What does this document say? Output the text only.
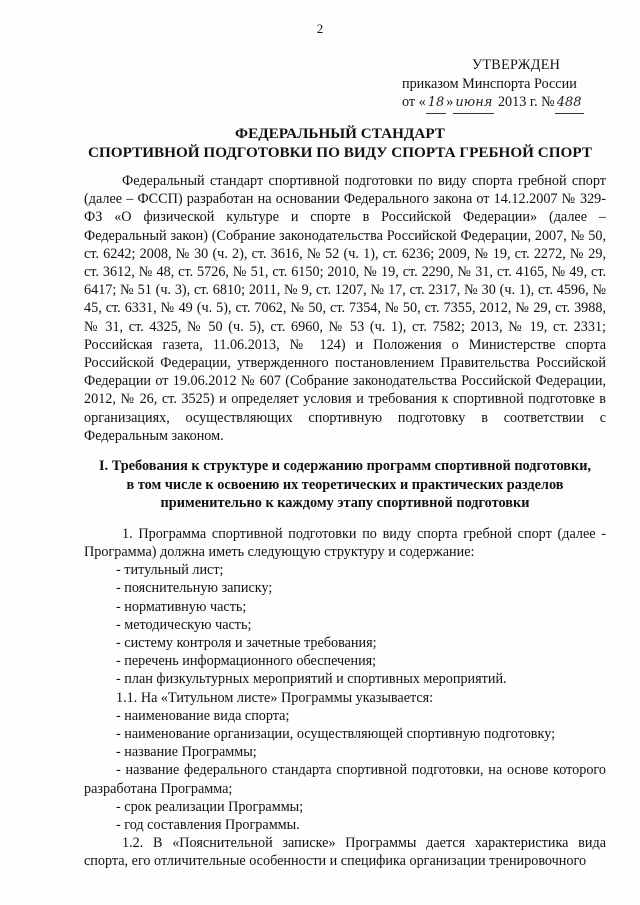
2
УТВЕРЖДЕН
приказом Минспорта России
от « 18 » июня 2013 г. № 488
ФЕДЕРАЛЬНЫЙ СТАНДАРТ
СПОРТИВНОЙ ПОДГОТОВКИ ПО ВИДУ СПОРТА ГРЕБНОЙ СПОРТ

Федеральный стандарт спортивной подготовки по виду спорта гребной спорт (далее – ФССП) разработан на основании Федерального закона от 14.12.2007 № 329-ФЗ «О физической культуре и спорте в Российской Федерации» (далее – Федеральный закон) (Собрание законодательства Российской Федерации, 2007, № 50, ст. 6242; 2008, № 30 (ч. 2), ст. 3616, № 52 (ч. 1), ст. 6236; 2009, № 19, ст. 2272, № 29, ст. 3612, № 48, ст. 5726, № 51, ст. 6150; 2010, № 19, ст. 2290, № 31, ст. 4165, № 49, ст. 6417; № 51 (ч. 3), ст. 6810; 2011, № 9, ст. 1207, № 17, ст. 2317, № 30 (ч. 1), ст. 4596, № 45, ст. 6331, № 49 (ч. 5), ст. 7062, № 50, ст. 7354, № 50, ст. 7355, 2012, № 29, ст. 3988, № 31, ст. 4325, № 50 (ч. 5), ст. 6960, № 53 (ч. 1), ст. 7582; 2013, № 19, ст. 2331; Российская газета, 11.06.2013, № 124) и Положения о Министерстве спорта Российской Федерации, утвержденного постановлением Правительства Российской Федерации от 19.06.2012 № 607 (Собрание законодательства Российской Федерации, 2012, № 26, ст. 3525) и определяет условия и требования к спортивной подготовке в организациях, осуществляющих спортивную подготовку в соответствии с Федеральным законом.

I. Требования к структуре и содержанию программ спортивной подготовки,
в том числе к освоению их теоретических и практических разделов
применительно к каждому этапу спортивной подготовки

1. Программа спортивной подготовки по виду спорта гребной спорт (далее - Программа) должна иметь следующую структуру и содержание:

- титульный лист;
- пояснительную записку;
- нормативную часть;
- методическую часть;
- систему контроля и зачетные требования;
- перечень информационного обеспечения;
- план физкультурных мероприятий и спортивных мероприятий.
1.1. На «Титульном листе» Программы указывается:
- наименование вида спорта;
- наименование организации, осуществляющей спортивную подготовку;
- название Программы;
- название федерального стандарта спортивной подготовки, на основе которого разработана Программа;
- срок реализации Программы;
- год составления Программы.

1.2. В «Пояснительной записке» Программы дается характеристика вида спорта, его отличительные особенности и специфика организации тренировочного
